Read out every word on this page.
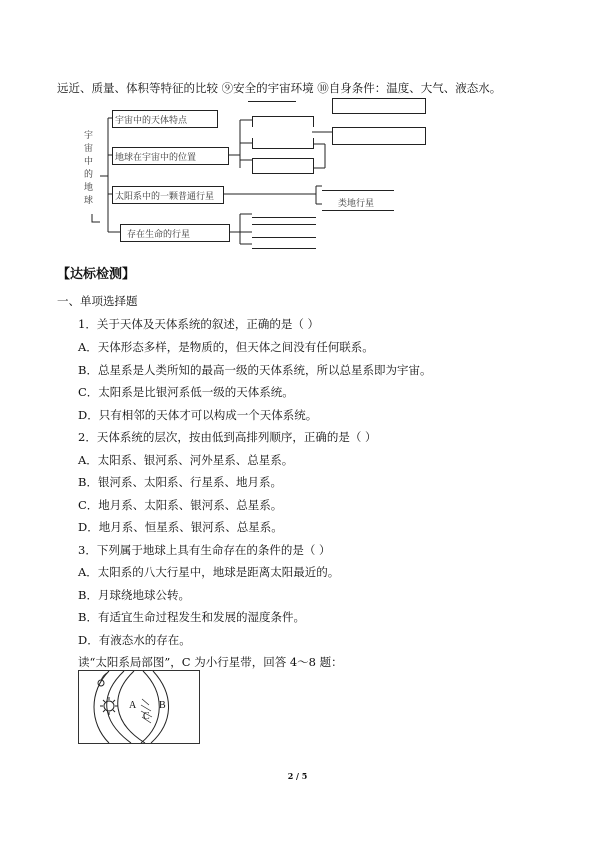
远近、质量、体积等特征的比较 ⑨安全的宇宙环境 ⑩自身条件：温度、大气、液态水。
宇
宙
中
的
地
球
宇宙中的天体特点
地球在宇宙中的位置
太阳系中的一颗普通行星
存在生命的行星
类地行星
【达标检测】
一、单项选择题
1．关于天体及天体系统的叙述，正确的是（ ）
A．天体形态多样，是物质的，但天体之间没有任何联系。
B．总星系是人类所知的最高一级的天体系统，所以总星系即为宇宙。
C．太阳系是比银河系低一级的天体系统。
D．只有相邻的天体才可以构成一个天体系统。
2．天体系统的层次，按由低到高排列顺序，正确的是（ ）
A．太阳系、银河系、河外星系、总星系。
B．银河系、太阳系、行星系、地月系。
C．地月系、太阳系、银河系、总星系。
D．地月系、恒星系、银河系、总星系。
3．下列属于地球上具有生命存在的条件的是（ ）
A．太阳系的八大行星中，地球是距离太阳最近的。
B．月球绕地球公转。
B．有适宜生命过程发生和发展的湿度条件。
D．有液态水的存在。
读“太阳系局部图”，C 为小行星带，回答 4～8 题：
A B
C
2 / 5
